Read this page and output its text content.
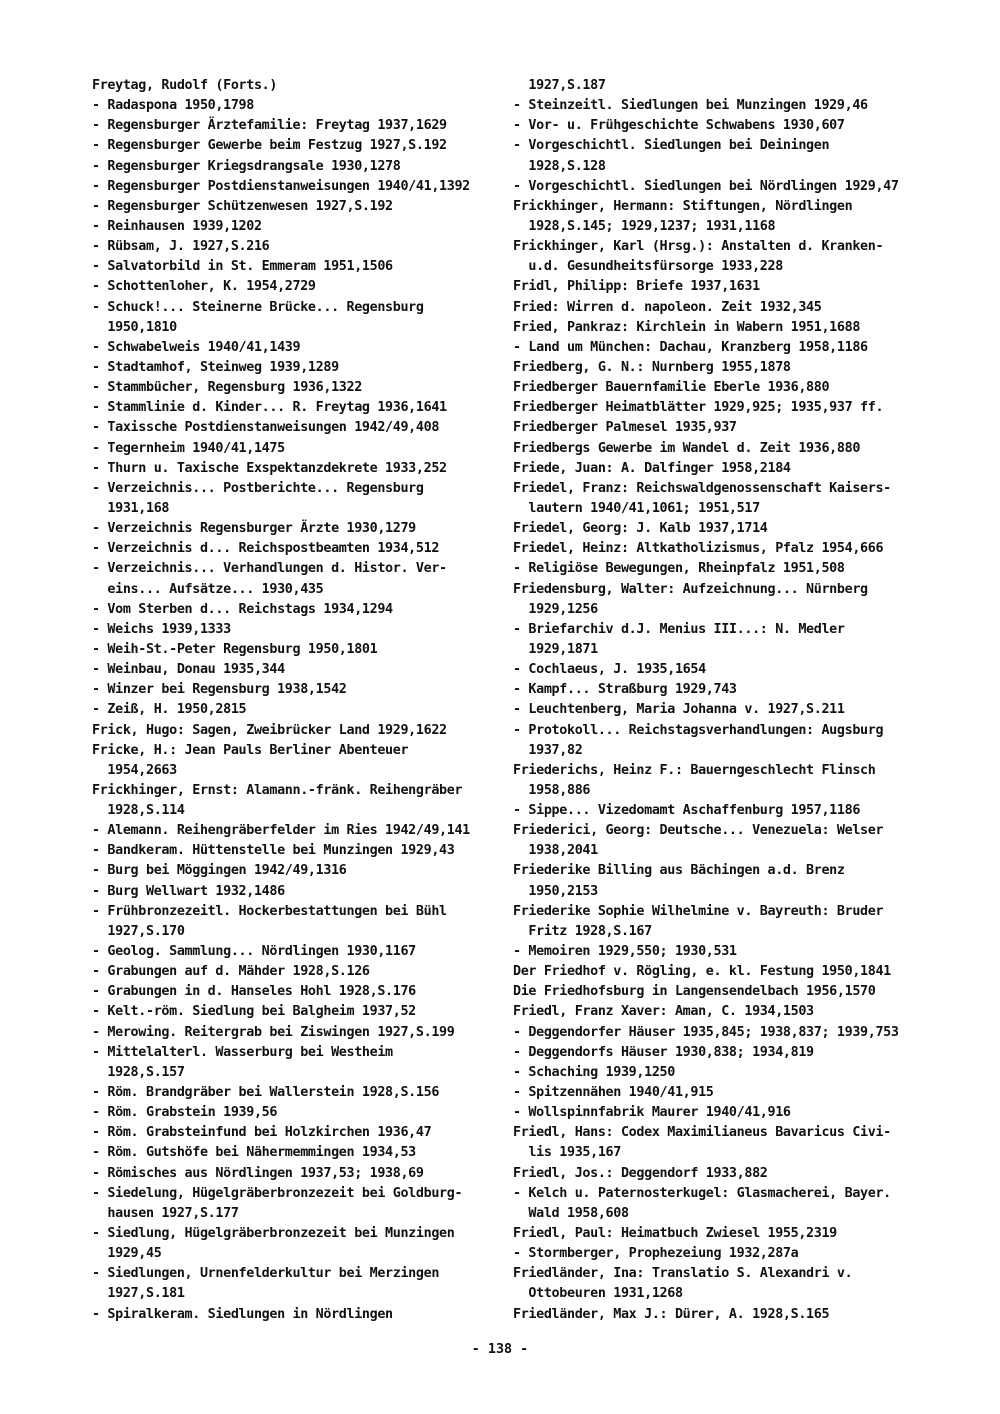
Freytag, Rudolf (Forts.)
- Radaspona 1950,1798
- Regensburger Ärztefamilie: Freytag 1937,1629
- Regensburger Gewerbe beim Festzug 1927,S.192
- Regensburger Kriegsdrangsale 1930,1278
- Regensburger Postdienstanweisungen 1940/41,1392
- Regensburger Schützenwesen 1927,S.192
- Reinhausen 1939,1202
- Rübsam, J. 1927,S.216
- Salvatorbild in St. Emmeram 1951,1506
- Schottenloher, K. 1954,2729
- Schuck!... Steinerne Brücke... Regensburg
1950,1810
- Schwabelweis 1940/41,1439
- Stadtamhof, Steinweg 1939,1289
- Stammbücher, Regensburg 1936,1322
- Stammlinie d. Kinder... R. Freytag 1936,1641
- Taxissche Postdienstanweisungen 1942/49,408
- Tegernheim 1940/41,1475
- Thurn u. Taxische Exspektanzdekrete 1933,252
- Verzeichnis... Postberichte... Regensburg
1931,168
- Verzeichnis Regensburger Ärzte 1930,1279
- Verzeichnis d... Reichspostbeamten 1934,512
- Verzeichnis... Verhandlungen d. Histor. Ver-
eins... Aufsätze... 1930,435
- Vom Sterben d... Reichstags 1934,1294
- Weichs 1939,1333
- Weih-St.-Peter Regensburg 1950,1801
- Weinbau, Donau 1935,344
- Winzer bei Regensburg 1938,1542
- Zeiß, H. 1950,2815
Frick, Hugo: Sagen, Zweibrücker Land 1929,1622
Fricke, H.: Jean Pauls Berliner Abenteuer
1954,2663
Frickhinger, Ernst: Alamann.-fränk. Reihengräber
1928,S.114
- Alemann. Reihengräberfelder im Ries 1942/49,141
- Bandkeram. Hüttenstelle bei Munzingen 1929,43
- Burg bei Möggingen 1942/49,1316
- Burg Wellwart 1932,1486
- Frühbronzezeitl. Hockerbestattungen bei Bühl
1927,S.170
- Geolog. Sammlung... Nördlingen 1930,1167
- Grabungen auf d. Mähder 1928,S.126
- Grabungen in d. Hanseles Hohl 1928,S.176
- Kelt.-röm. Siedlung bei Balgheim 1937,52
- Merowing. Reitergrab bei Ziswingen 1927,S.199
- Mittelalterl. Wasserburg bei Westheim
1928,S.157
- Röm. Brandgräber bei Wallerstein 1928,S.156
- Röm. Grabstein 1939,56
- Röm. Grabsteinfund bei Holzkirchen 1936,47
- Röm. Gutshöfe bei Nähermemmingen 1934,53
- Römisches aus Nördlingen 1937,53; 1938,69
- Siedelung, Hügelgräberbronzezeit bei Goldburg-
hausen 1927,S.177
- Siedlung, Hügelgräberbronzezeit bei Munzingen
1929,45
- Siedlungen, Urnenfelderkultur bei Merzingen
1927,S.181
- Spiralkeram. Siedlungen in Nördlingen
1927,S.187
- Steinzeitl. Siedlungen bei Munzingen 1929,46
- Vor- u. Frühgeschichte Schwabens 1930,607
- Vorgeschichtl. Siedlungen bei Deiningen
1928,S.128
- Vorgeschichtl. Siedlungen bei Nördlingen 1929,47
Frickhinger, Hermann: Stiftungen, Nördlingen
1928,S.145; 1929,1237; 1931,1168
Frickhinger, Karl (Hrsg.): Anstalten d. Kranken-
u.d. Gesundheitsfürsorge 1933,228
Fridl, Philipp: Briefe 1937,1631
Fried: Wirren d. napoleon. Zeit 1932,345
Fried, Pankraz: Kirchlein in Wabern 1951,1688
- Land um München: Dachau, Kranzberg 1958,1186
Friedberg, G. N.: Nurnberg 1955,1878
Friedberger Bauernfamilie Eberle 1936,880
Friedberger Heimatblätter 1929,925; 1935,937 ff.
Friedberger Palmesel 1935,937
Friedbergs Gewerbe im Wandel d. Zeit 1936,880
Friede, Juan: A. Dalfinger 1958,2184
Friedel, Franz: Reichswaldgenossenschaft Kaisers-
lautern 1940/41,1061; 1951,517
Friedel, Georg: J. Kalb 1937,1714
Friedel, Heinz: Altkatholizismus, Pfalz 1954,666
- Religiöse Bewegungen, Rheinpfalz 1951,508
Friedensburg, Walter: Aufzeichnung... Nürnberg
1929,1256
- Briefarchiv d.J. Menius III...: N. Medler
1929,1871
- Cochlaeus, J. 1935,1654
- Kampf... Straßburg 1929,743
- Leuchtenberg, Maria Johanna v. 1927,S.211
- Protokoll... Reichstagsverhandlungen: Augsburg
1937,82
Friederichs, Heinz F.: Bauerngeschlecht Flinsch
1958,886
- Sippe... Vizedomamt Aschaffenburg 1957,1186
Friederici, Georg: Deutsche... Venezuela: Welser
1938,2041
Friederike Billing aus Bächingen a.d. Brenz
1950,2153
Friederike Sophie Wilhelmine v. Bayreuth: Bruder
Fritz 1928,S.167
- Memoiren 1929,550; 1930,531
Der Friedhof v. Rögling, e. kl. Festung 1950,1841
Die Friedhofsburg in Langensendelbach 1956,1570
Friedl, Franz Xaver: Aman, C. 1934,1503
- Deggendorfer Häuser 1935,845; 1938,837; 1939,753
- Deggendorfs Häuser 1930,838; 1934,819
- Schaching 1939,1250
- Spitzennähen 1940/41,915
- Wollspinnfabrik Maurer 1940/41,916
Friedl, Hans: Codex Maximilianeus Bavaricus Civi-
lis 1935,167
Friedl, Jos.: Deggendorf 1933,882
- Kelch u. Paternosterkugel: Glasmacherei, Bayer.
Wald 1958,608
Friedl, Paul: Heimatbuch Zwiesel 1955,2319
- Stormberger, Prophezeiung 1932,287a
Friedländer, Ina: Translatio S. Alexandri v.
Ottobeuren 1931,1268
Friedländer, Max J.: Dürer, A. 1928,S.165
- 138 -
